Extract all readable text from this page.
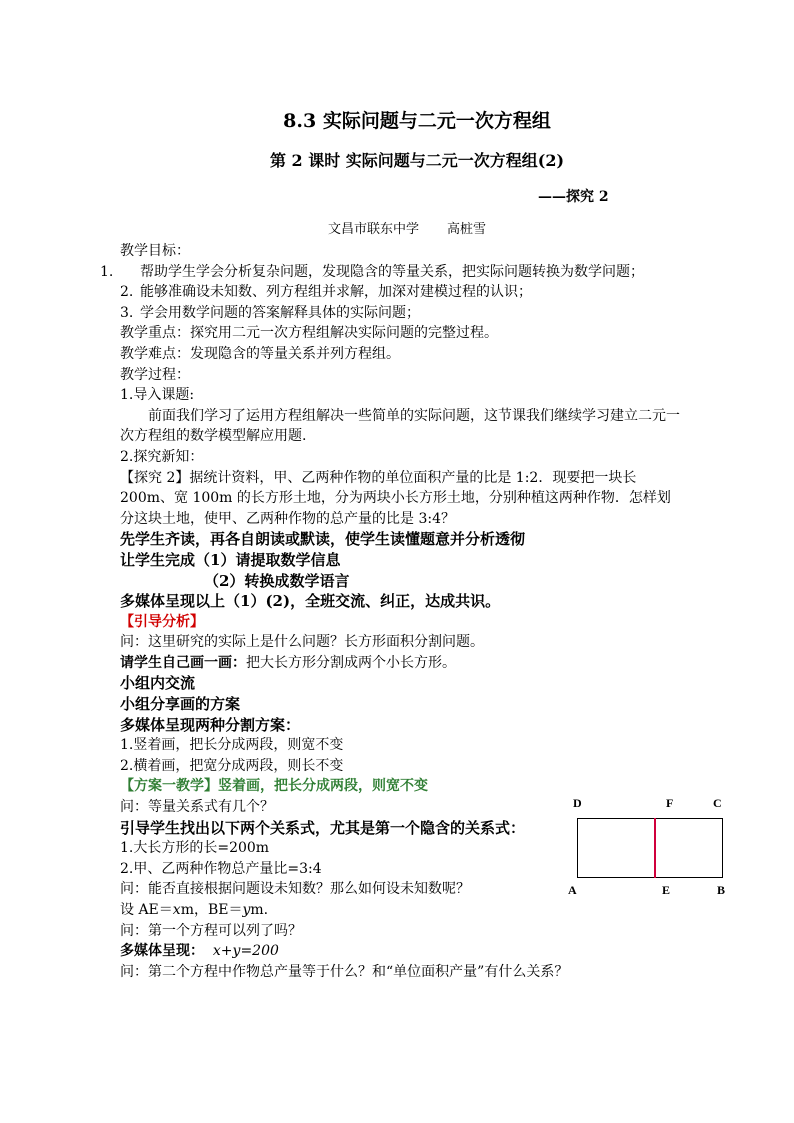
8.3 实际问题与二元一次方程组
第 2 课时 实际问题与二元一次方程组(2)
——探究 2
文昌市联东中学 高桩雪
教学目标：
1. 帮助学生学会分析复杂问题，发现隐含的等量关系，把实际问题转换为数学问题；
2. 能够准确设未知数、列方程组并求解，加深对建模过程的认识；
3. 学会用数学问题的答案解释具体的实际问题；
教学重点：探究用二元一次方程组解决实际问题的完整过程。
教学难点：发现隐含的等量关系并列方程组。
教学过程：
1.导入课题:
前面我们学习了运用方程组解决一些简单的实际问题，这节课我们继续学习建立二元一次方程组的数学模型解应用题.
2.探究新知：
【探究 2】据统计资料，甲、乙两种作物的单位面积产量的比是 1:2．现要把一块长 200m、宽 100m 的长方形土地，分为两块小长方形土地，分别种植这两种作物．怎样划分这块土地，使甲、乙两种作物的总产量的比是 3:4？
先学生齐读，再各自朗读或默读，使学生读懂题意并分析透彻
让学生完成（1）请提取数学信息
（2）转换成数学语言
多媒体呈现以上（1）(2)，全班交流、纠正，达成共识。
【引导分析】
问：这里研究的实际上是什么问题？长方形面积分割问题。
请学生自己画一画：把大长方形分割成两个小长方形。
小组内交流
小组分享画的方案
多媒体呈现两种分割方案：
1.竖着画，把长分成两段，则宽不变
2.横着画，把宽分成两段，则长不变
【方案一教学】竖着画，把长分成两段，则宽不变
问：等量关系式有几个？
引导学生找出以下两个关系式，尤其是第一个隐含的关系式：
1.大长方形的长=200m
2.甲、乙两种作物总产量比=3:4
问：能否直接根据问题设未知数？那么如何设未知数呢？
设 AE＝xm，BE＝ym.
问：第一个方程可以列了吗？
多媒体呈现： x+y=200
问：第二个方程中作物总产量等于什么？和“单位面积产量”有什么关系？
D	F	C
A	E	B
